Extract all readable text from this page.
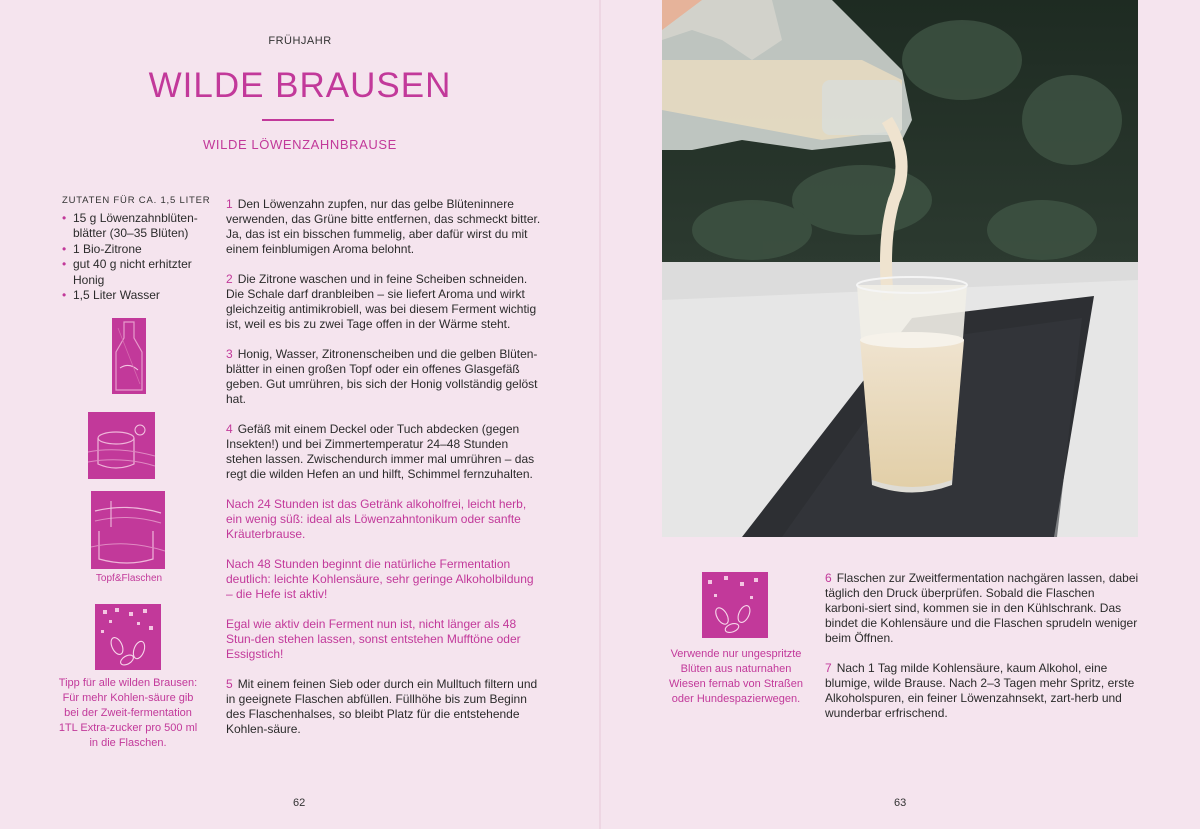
FRÜHJAHR
WILDE BRAUSEN
WILDE LÖWENZAHNBRAUSE
ZUTATEN FÜR CA. 1,5 LITER
• 15 g Löwenzahnblüten-blätter (30–35 Blüten)
• 1 Bio-Zitrone
• gut 40 g nicht erhitzter Honig
• 1,5 Liter Wasser
Topf&Flaschen
Tipp für alle wilden Brausen: Für mehr Kohlen-säure gib bei der Zweit-fermentation 1TL Extra-zucker pro 500 ml in die Flaschen.

1 Den Löwenzahn zupfen, nur das gelbe Blüteninnere verwenden, das Grüne bitte entfernen, das schmeckt bitter. Ja, das ist ein bisschen fummelig, aber dafür wirst du mit einem feinblumigen Aroma belohnt.

2 Die Zitrone waschen und in feine Scheiben schneiden. Die Schale darf dranbleiben – sie liefert Aroma und wirkt gleichzeitig antimikrobiell, was bei diesem Ferment wichtig ist, weil es bis zu zwei Tage offen in der Wärme steht.

3 Honig, Wasser, Zitronenscheiben und die gelben Blüten-blätter in einen großen Topf oder ein offenes Glasgefäß geben. Gut umrühren, bis sich der Honig vollständig gelöst hat.

4 Gefäß mit einem Deckel oder Tuch abdecken (gegen Insekten!) und bei Zimmertemperatur 24–48 Stunden stehen lassen. Zwischendurch immer mal umrühren – das regt die wilden Hefen an und hilft, Schimmel fernzuhalten.

Nach 24 Stunden ist das Getränk alkoholfrei, leicht herb, ein wenig süß: ideal als Löwenzahntonikum oder sanfte Kräuterbrause.

Nach 48 Stunden beginnt die natürliche Fermentation deutlich: leichte Kohlensäure, sehr geringe Alkoholbildung – die Hefe ist aktiv!

Egal wie aktiv dein Ferment nun ist, nicht länger als 48 Stun-den stehen lassen, sonst entstehen Mufftöne oder Essigstich!

5 Mit einem feinen Sieb oder durch ein Mulltuch filtern und in geeignete Flaschen abfüllen. Füllhöhe bis zum Beginn des Flaschenhalses, so bleibt Platz für die entstehende Kohlen-säure.

62
Verwende nur ungespritzte Blüten aus naturnahen Wiesen fernab von Straßen oder Hundespazierwegen.

6 Flaschen zur Zweitfermentation nachgären lassen, dabei täglich den Druck überprüfen. Sobald die Flaschen karboni-siert sind, kommen sie in den Kühlschrank. Das bindet die Kohlensäure und die Flaschen sprudeln weniger beim Öffnen.

7 Nach 1 Tag milde Kohlensäure, kaum Alkohol, eine blumige, wilde Brause. Nach 2–3 Tagen mehr Spritz, erste Alkoholspuren, ein feiner Löwenzahnsekt, zart-herb und wunderbar erfrischend.

63
